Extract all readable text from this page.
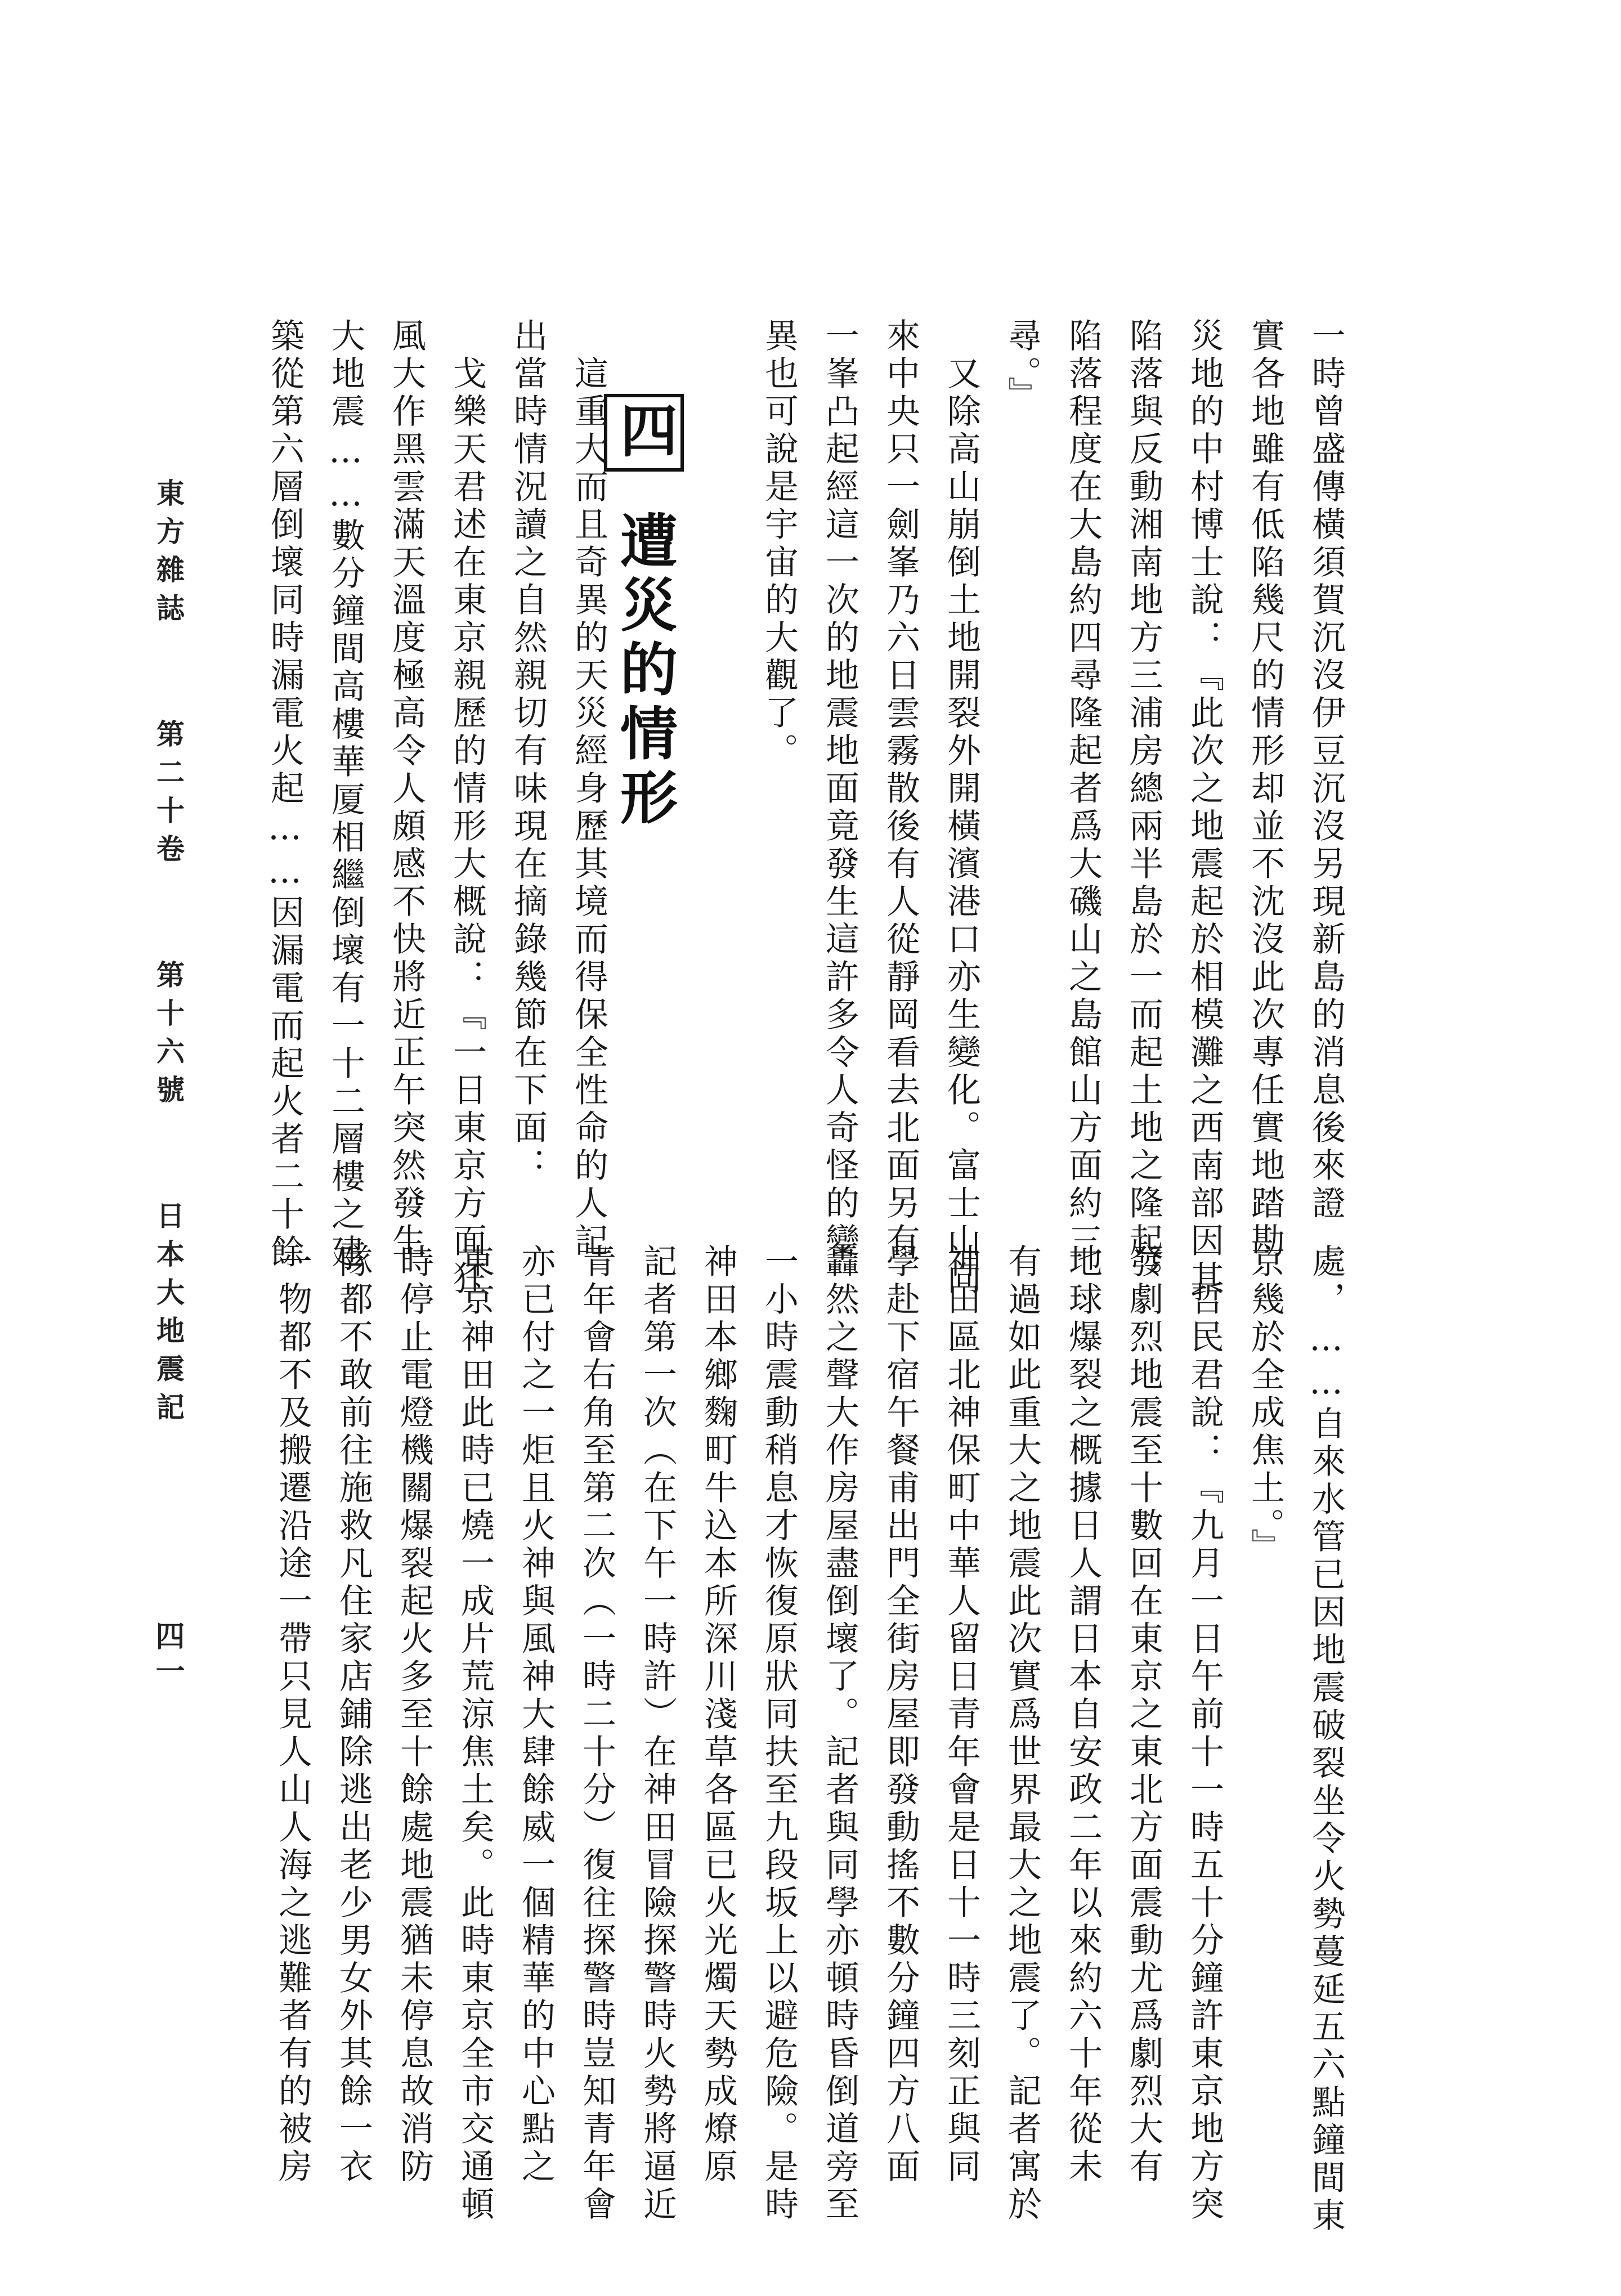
一時曾盛傳橫須賀沉沒伊豆沉沒另現新島的消息後來證
實各地雖有低陷幾尺的情形却並不沈沒此次專任實地踏勘
災地的中村博士說：『此次之地震起於相模灘之西南部因其
陷落與反動湘南地方三浦房總兩半島於一而起土地之隆起。
陷落程度在大島約四尋隆起者爲大磯山之島館山方面約三
尋。』
　又除高山崩倒土地開裂外開橫濱港口亦生變化。富士山向
來中央只一劍峯乃六日雲霧散後有人從靜岡看去北面另有
一峯凸起經這一次的地震地面竟發生這許多令人奇怪的變
異也可說是宇宙的大觀了。
四遭災的情形
　這重大而且奇異的天災經身歷其境而得保全性命的人記
出當時情況讀之自然親切有味現在摘錄幾節在下面：
　戈樂天君述在東京親歷的情形大概說：『一日東京方面狂
風大作黑雲滿天溫度極高令人頗感不快將近正午突然發生
大地震……數分鐘間高樓華厦相繼倒壞有一十二層樓之建
築從第六層倒壞同時漏電火起……因漏電而起火者二十餘
處，……自來水管已因地震破裂坐令火勢蔓延五六點鐘間東
京幾於全成焦土。』
　哲民君說：『九月一日午前十一時五十分鐘許東京地方突
發劇烈地震至十數回在東京之東北方面震動尤爲劇烈大有
地球爆裂之概據日人謂日本自安政二年以來約六十年從未
有過如此重大之地震此次實爲世界最大之地震了。記者寓於
神田區北神保町中華人留日青年會是日十一時三刻正與同
學赴下宿午餐甫出門全街房屋即發動搖不數分鐘四方八面
轟然之聲大作房屋盡倒壞了。記者與同學亦頓時昏倒道旁至
一小時震動稍息才恢復原狀同扶至九段坂上以避危險。是時
神田本鄉麴町牛込本所深川淺草各區已火光燭天勢成燎原
記者第一次（在下午一時許）在神田冒險探警時火勢將逼近
青年會右角至第二次（一時二十分）復往探警時豈知青年會
亦已付之一炬且火神與風神大肆餘威一個精華的中心點之
東京神田此時已燒一成片荒涼焦土矣。此時東京全市交通頓
時停止電燈機關爆裂起火多至十餘處地震猶未停息故消防
隊都不敢前往施救凡住家店鋪除逃出老少男女外其餘一衣
一物都不及搬遷沿途一帶只見人山人海之逃難者有的被房
東方雜誌 第二十卷 第十六號 日本大地震記
四一
